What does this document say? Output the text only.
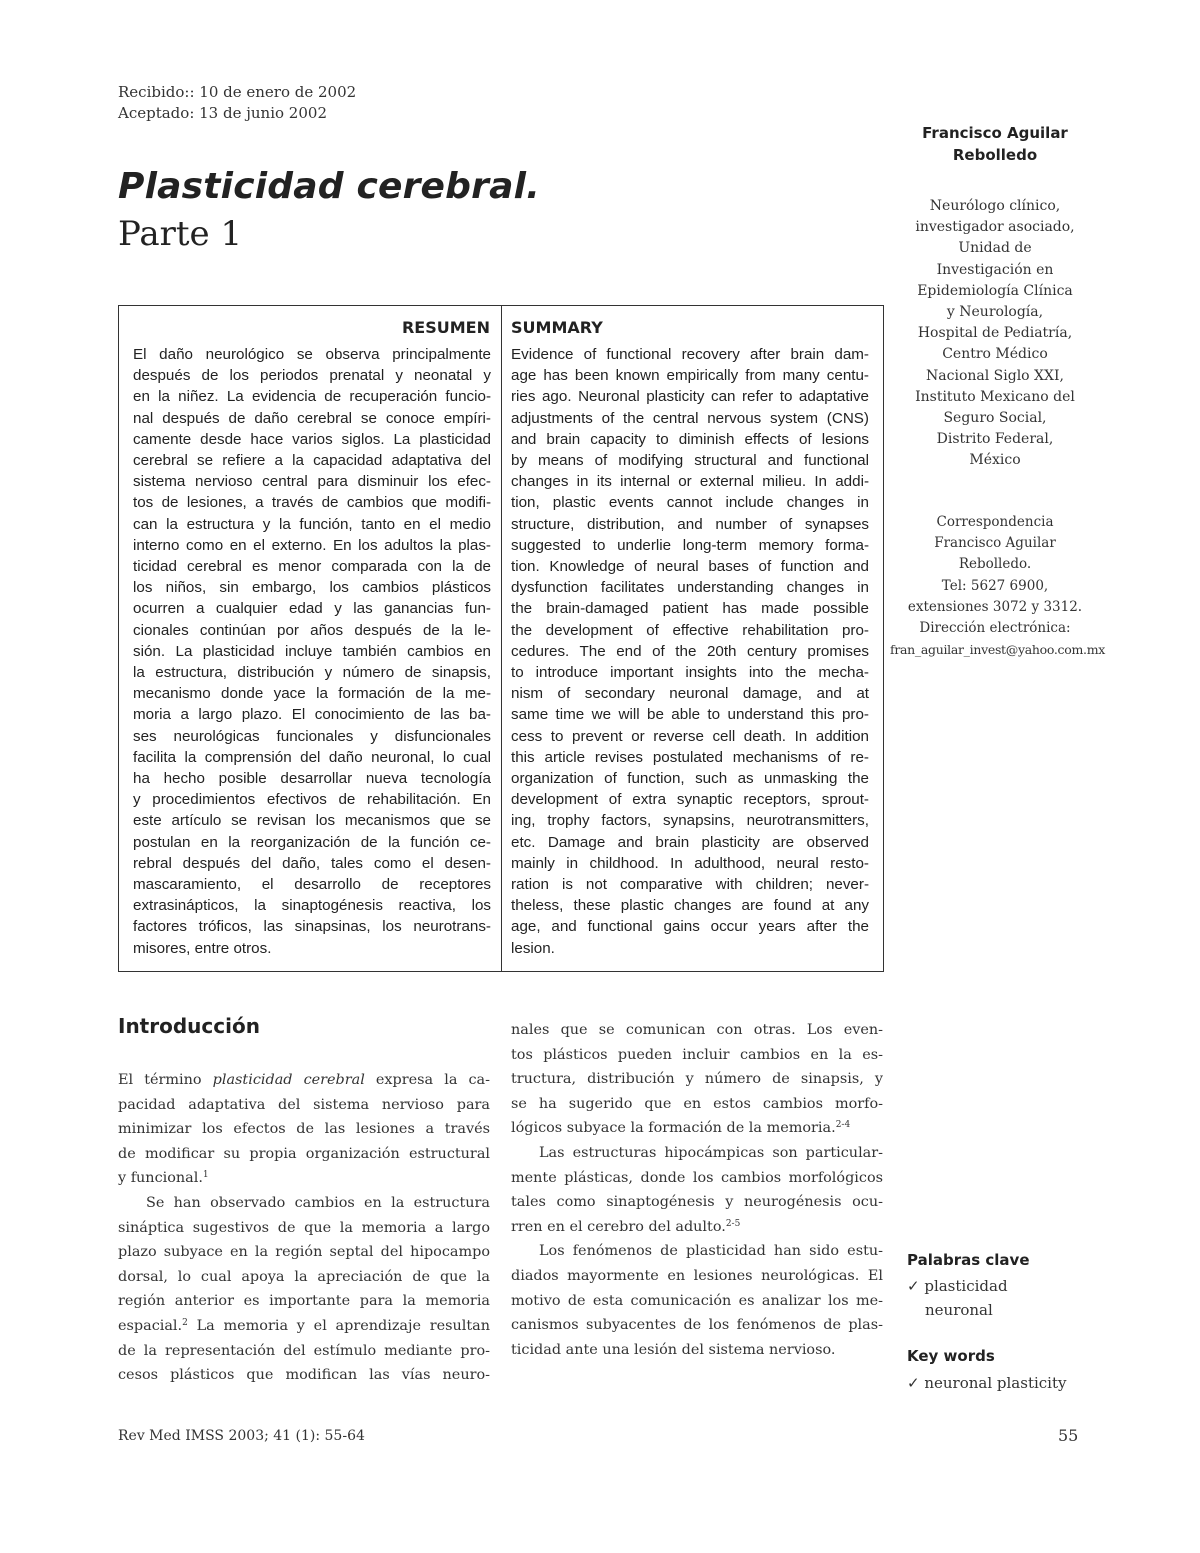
Recibido:: 10 de enero de 2002
Aceptado: 13 de junio 2002
Plasticidad cerebral.
Parte 1
Francisco Aguilar
Rebolledo
Neurólogo clínico,
investigador asociado,
Unidad de
Investigación en
Epidemiología Clínica
y Neurología,
Hospital de Pediatría,
Centro Médico
Nacional Siglo XXI,
Instituto Mexicano del
Seguro Social,
Distrito Federal,
México
Correspondencia
Francisco Aguilar
Rebolledo.
Tel: 5627 6900,
extensiones 3072 y 3312.
Dirección electrónica:
fran_aguilar_invest@yahoo.com.mx
RESUMEN SUMMARY
El daño neurológico se observa principalmente
después de los periodos prenatal y neonatal y
en la niñez. La evidencia de recuperación funcio-
nal después de daño cerebral se conoce empíri-
camente desde hace varios siglos. La plasticidad
cerebral se refiere a la capacidad adaptativa del
sistema nervioso central para disminuir los efec-
tos de lesiones, a través de cambios que modifi-
can la estructura y la función, tanto en el medio
interno como en el externo. En los adultos la plas-
ticidad cerebral es menor comparada con la de
los niños, sin embargo, los cambios plásticos
ocurren a cualquier edad y las ganancias fun-
cionales continúan por años después de la le-
sión. La plasticidad incluye también cambios en
la estructura, distribución y número de sinapsis,
mecanismo donde yace la formación de la me-
moria a largo plazo. El conocimiento de las ba-
ses neurológicas funcionales y disfuncionales
facilita la comprensión del daño neuronal, lo cual
ha hecho posible desarrollar nueva tecnología
y procedimientos efectivos de rehabilitación. En
este artículo se revisan los mecanismos que se
postulan en la reorganización de la función ce-
rebral después del daño, tales como el desen-
mascaramiento, el desarrollo de receptores
extrasinápticos, la sinaptogénesis reactiva, los
factores tróficos, las sinapsinas, los neurotrans-
misores, entre otros.
Evidence of functional recovery after brain dam-
age has been known empirically from many centu-
ries ago. Neuronal plasticity can refer to adaptative
adjustments of the central nervous system (CNS)
and brain capacity to diminish effects of lesions
by means of modifying structural and functional
changes in its internal or external milieu. In addi-
tion, plastic events cannot include changes in
structure, distribution, and number of synapses
suggested to underlie long-term memory forma-
tion. Knowledge of neural bases of function and
dysfunction facilitates understanding changes in
the brain-damaged patient has made possible
the development of effective rehabilitation pro-
cedures. The end of the 20th century promises
to introduce important insights into the mecha-
nism of secondary neuronal damage, and at
same time we will be able to understand this pro-
cess to prevent or reverse cell death. In addition
this article revises postulated mechanisms of re-
organization of function, such as unmasking the
development of extra synaptic receptors, sprout-
ing, trophy factors, synapsins, neurotransmitters,
etc. Damage and brain plasticity are observed
mainly in childhood. In adulthood, neural resto-
ration is not comparative with children; never-
theless, these plastic changes are found at any
age, and functional gains occur years after the
lesion.
Introducción
El término plasticidad cerebral expresa la ca-
pacidad adaptativa del sistema nervioso para
minimizar los efectos de las lesiones a través
de modificar su propia organización estructural
y funcional.$^1$
Se han observado cambios en la estructura
sináptica sugestivos de que la memoria a largo
plazo subyace en la región septal del hipocampo
dorsal, lo cual apoya la apreciación de que la
región anterior es importante para la memoria
espacial.$^2$ La memoria y el aprendizaje resultan
de la representación del estímulo mediante pro-
cesos plásticos que modifican las vías neuro-
nales que se comunican con otras. Los even-
tos plásticos pueden incluir cambios en la es-
tructura, distribución y número de sinapsis, y
se ha sugerido que en estos cambios morfo-
lógicos subyace la formación de la memoria.$^{2-4}$
Las estructuras hipocámpicas son particular-
mente plásticas, donde los cambios morfológicos
tales como sinaptogénesis y neurogénesis ocu-
rren en el cerebro del adulto.$^{2-5}$
Los fenómenos de plasticidad han sido estu-
diados mayormente en lesiones neurológicas. El
motivo de esta comunicación es analizar los me-
canismos subyacentes de los fenómenos de plas-
ticidad ante una lesión del sistema nervioso.
Palabras clave
✓ plasticidad
neuronal
Key words
✓ neuronal plasticity
Rev Med IMSS 2003; 41 (1): 55-64	55
